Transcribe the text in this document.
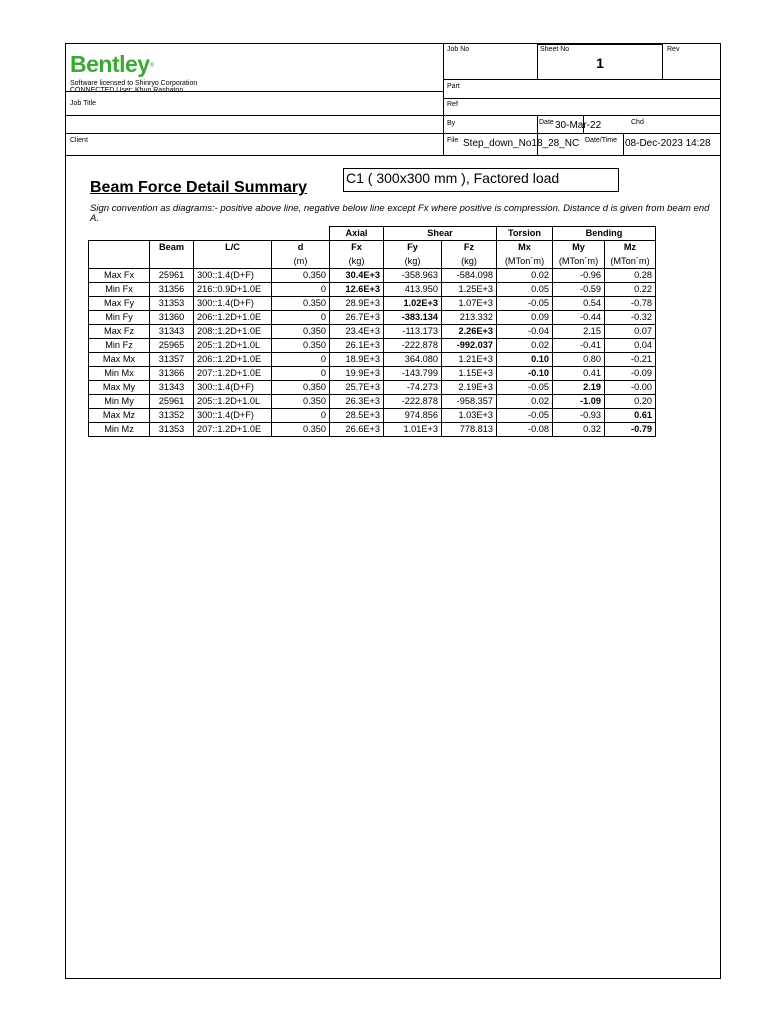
Bentley®
Software licensed to Shinryo Corporation
CONNECTED User: Khun Rashaton
Job No	Sheet No
1
Rev
Part
Job Title	Ref
By	Date 30-Mar-22	Chd
Client	File Step_down_No18_28_NC Date/Time 08-Dec-2023 14:28
Beam Force Detail Summary
C1 ( 300x300 mm ), Factored load
Sign convention as diagrams:- positive above line, negative below line except Fx where positive is compression. Distance d is given from beam end A.
				Axial	Shear		Torsion	Bending	
	Beam	L/C	d	Fx	Fy	Fz	Mx	My	Mz
			(m)	(kg)	(kg)	(kg)	(MTon´m)	(MTon´m)	(MTon´m)
Max Fx	25961	300::1.4(D+F)	0.350	30.4E+3	-358.963	-584.098	0.02	-0.96	0.28
Min Fx	31356	216::0.9D+1.0E	0	12.6E+3	413.950	1.25E+3	0.05	-0.59	0.22
Max Fy	31353	300::1.4(D+F)	0.350	28.9E+3	1.02E+3	1.07E+3	-0.05	0.54	-0.78
Min Fy	31360	206::1.2D+1.0E	0	26.7E+3	-383.134	213.332	0.09	-0.44	-0.32
Max Fz	31343	208::1.2D+1.0E	0.350	23.4E+3	-113.173	2.26E+3	-0.04	2.15	0.07
Min Fz	25965	205::1.2D+1.0L	0.350	26.1E+3	-222.878	-992.037	0.02	-0.41	0.04
Max Mx	31357	206::1.2D+1.0E	0	18.9E+3	364.080	1.21E+3	0.10	0.80	-0.21
Min Mx	31366	207::1.2D+1.0E	0	19.9E+3	-143.799	1.15E+3	-0.10	0.41	-0.09
Max My	31343	300::1.4(D+F)	0.350	25.7E+3	-74.273	2.19E+3	-0.05	2.19	-0.00
Min My	25961	205::1.2D+1.0L	0.350	26.3E+3	-222.878	-958.357	0.02	-1.09	0.20
Max Mz	31352	300::1.4(D+F)	0	28.5E+3	974.856	1.03E+3	-0.05	-0.93	0.61
Min Mz	31353	207::1.2D+1.0E	0.350	26.6E+3	1.01E+3	778.813	-0.08	0.32	-0.79
